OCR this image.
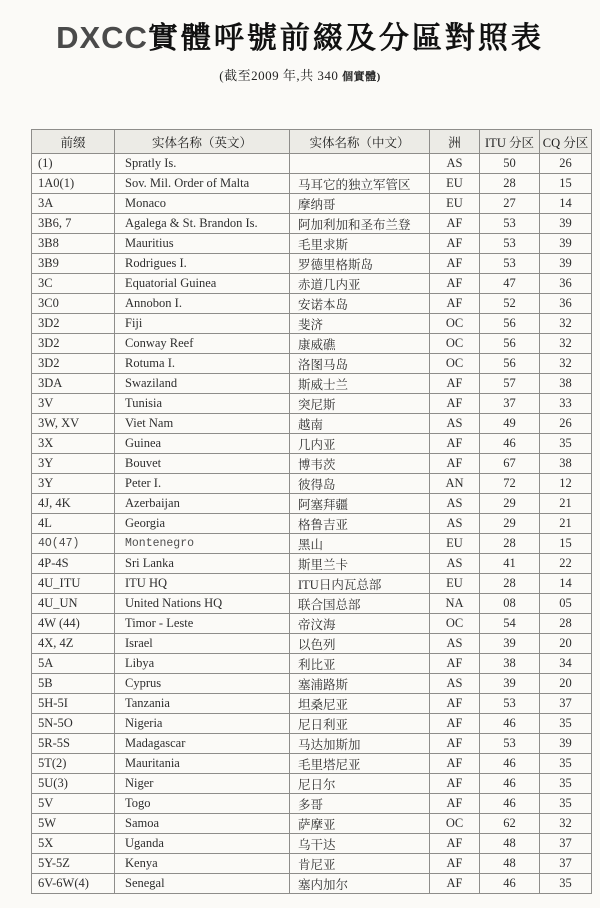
DXCC實體呼號前綴及分區對照表
(截至2009 年,共 340 個實體)
前缀	实体名称（英文）	实体名称（中文）	洲	ITU 分区	CQ 分区
(1)	Spratly Is.		AS	50	26
1A0(1)	Sov. Mil. Order of Malta	马耳它的独立军管区	EU	28	15
3A	Monaco	摩纳哥	EU	27	14
3B6, 7	Agalega & St. Brandon Is.	阿加利加和圣布兰登	AF	53	39
3B8	Mauritius	毛里求斯	AF	53	39
3B9	Rodrigues I.	罗德里格斯岛	AF	53	39
3C	Equatorial Guinea	赤道几内亚	AF	47	36
3C0	Annobon I.	安诺本岛	AF	52	36
3D2	Fiji	斐济	OC	56	32
3D2	Conway Reef	康威礁	OC	56	32
3D2	Rotuma I.	洛图马岛	OC	56	32
3DA	Swaziland	斯威士兰	AF	57	38
3V	Tunisia	突尼斯	AF	37	33
3W, XV	Viet Nam	越南	AS	49	26
3X	Guinea	几内亚	AF	46	35
3Y	Bouvet	博韦茨	AF	67	38
3Y	Peter I.	彼得岛	AN	72	12
4J, 4K	Azerbaijan	阿塞拜疆	AS	29	21
4L	Georgia	格鲁吉亚	AS	29	21
4O(47)	Montenegro	黑山	EU	28	15
4P-4S	Sri Lanka	斯里兰卡	AS	41	22
4U_ITU	ITU HQ	ITU日内瓦总部	EU	28	14
4U_UN	United Nations HQ	联合国总部	NA	08	05
4W (44)	Timor - Leste	帝汶海	OC	54	28
4X, 4Z	Israel	以色列	AS	39	20
5A	Libya	利比亚	AF	38	34
5B	Cyprus	塞浦路斯	AS	39	20
5H-5I	Tanzania	坦桑尼亚	AF	53	37
5N-5O	Nigeria	尼日利亚	AF	46	35
5R-5S	Madagascar	马达加斯加	AF	53	39
5T(2)	Mauritania	毛里塔尼亚	AF	46	35
5U(3)	Niger	尼日尔	AF	46	35
5V	Togo	多哥	AF	46	35
5W	Samoa	萨摩亚	OC	62	32
5X	Uganda	乌干达	AF	48	37
5Y-5Z	Kenya	肯尼亚	AF	48	37
6V-6W(4)	Senegal	塞内加尔	AF	46	35
